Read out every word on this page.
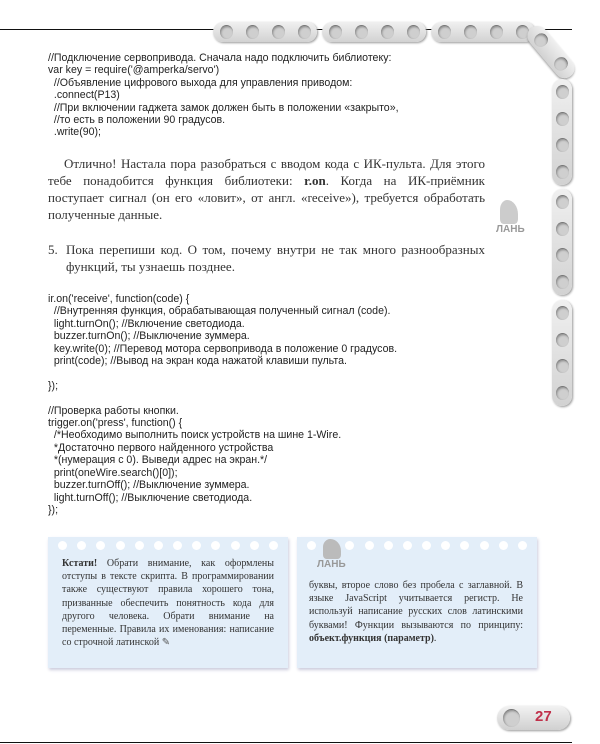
//Подключение сервопривода. Сначала надо подключить библиотеку:
var key = require('@amperka/servo')
//Объявление цифрового выхода для управления приводом:
.connect(P13)
//При включении гаджета замок должен быть в положении «закрыто»,
//то есть в положении 90 градусов.
.write(90);

Отлично! Настала пора разобраться с вводом кода с ИК-пульта. Для этого тебе понадобится функция библиотеки: r.on. Когда на ИК-приёмник поступает сигнал (он его «ловит», от англ. «receive»), требуется обработать полученные данные.

ЛАНЬ
5. Пока перепиши код. О том, почему внутри не так много разнообразных функций, ты узнаешь позднее.
ir.on('receive', function(code) {
//Внутренняя функция, обрабатывающая полученный сигнал (code).
light.turnOn(); //Включение светодиода.
buzzer.turnOn(); //Выключение зуммера.
key.write(0); //Перевод мотора сервопривода в положение 0 градусов.
print(code); //Вывод на экран кода нажатой клавиши пульта.

});

//Проверка работы кнопки.
trigger.on('press', function() {
/*Необходимо выполнить поиск устройств на шине 1-Wire.
*Достаточно первого найденного устройства
*(нумерация с 0). Выведи адрес на экран.*/
print(oneWire.search()[0]);
buzzer.turnOff(); //Выключение зуммера.
light.turnOff(); //Выключение светодиода.
});

Кстати! Обрати внимание, как оформлены отступы в тексте скрипта. В программировании также существуют правила хорошего тона, призванные обеспечить понятность кода для другого человека. Обрати внимание на переменные. Правила их именования: написание со строчной латинской ✎

ЛАНЬ

буквы, второе слово без пробела с заглавной. В языке JavaScript учитывается регистр. Не используй написание русских слов латинскими буквами! Функции вызываются по принципу: объект.функция (параметр).

27
